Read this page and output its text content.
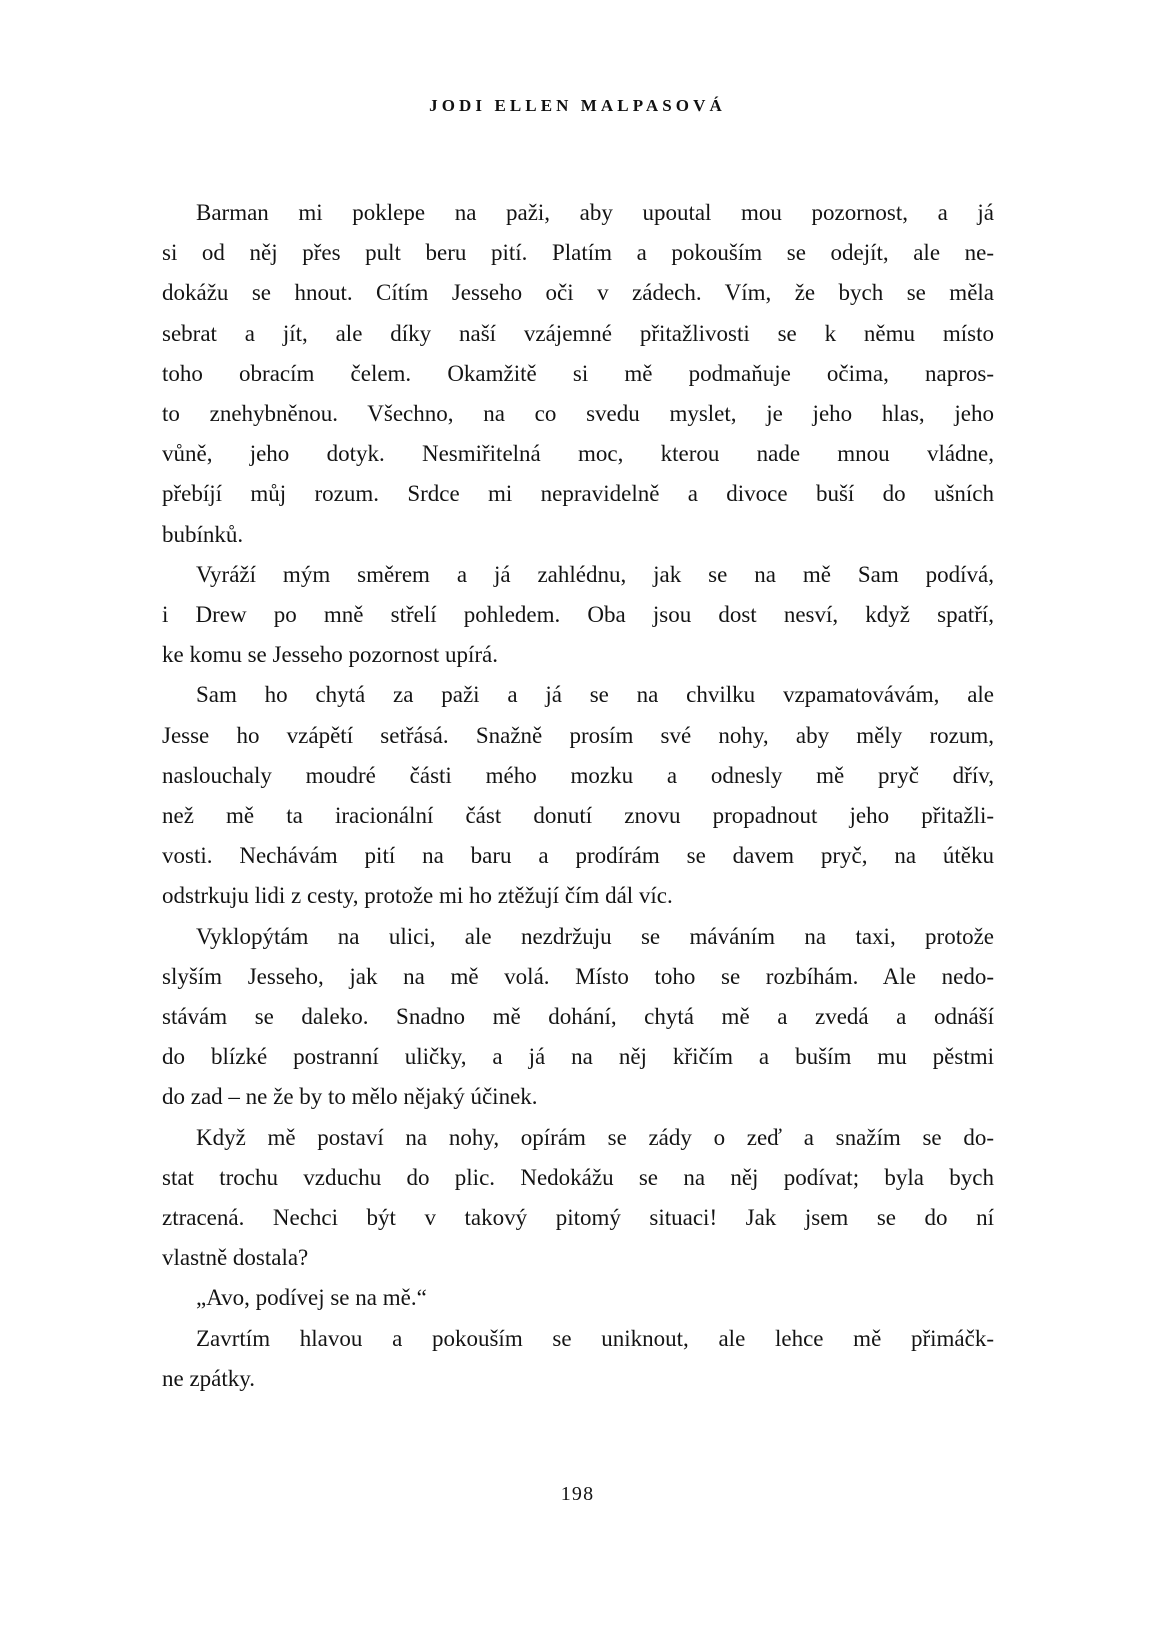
JODI ELLEN MALPASOVÁ
Barman mi poklepe na paži, aby upoutal mou pozornost, a já
si od něj přes pult beru pití. Platím a pokouším se odejít, ale ne-
dokážu se hnout. Cítím Jesseho oči v zádech. Vím, že bych se měla
sebrat a jít, ale díky naší vzájemné přitažlivosti se k němu místo
toho obracím čelem. Okamžitě si mě podmaňuje očima, napros-
to znehybněnou. Všechno, na co svedu myslet, je jeho hlas, jeho
vůně, jeho dotyk. Nesmiřitelná moc, kterou nade mnou vládne,
přebíjí můj rozum. Srdce mi nepravidelně a divoce buší do ušních
bubínků.
Vyráží mým směrem a já zahlédnu, jak se na mě Sam podívá,
i Drew po mně střelí pohledem. Oba jsou dost nesví, když spatří,
ke komu se Jesseho pozornost upírá.
Sam ho chytá za paži a já se na chvilku vzpamatovávám, ale
Jesse ho vzápětí setřásá. Snažně prosím své nohy, aby měly rozum,
naslouchaly moudré části mého mozku a odnesly mě pryč dřív,
než mě ta iracionální část donutí znovu propadnout jeho přitažli-
vosti. Nechávám pití na baru a prodírám se davem pryč, na útěku
odstrkuju lidi z cesty, protože mi ho ztěžují čím dál víc.
Vyklopýtám na ulici, ale nezdržuju se máváním na taxi, protože
slyším Jesseho, jak na mě volá. Místo toho se rozbíhám. Ale nedo-
stávám se daleko. Snadno mě dohání, chytá mě a zvedá a odnáší
do blízké postranní uličky, a já na něj křičím a buším mu pěstmi
do zad – ne že by to mělo nějaký účinek.
Když mě postaví na nohy, opírám se zády o zeď a snažím se do-
stat trochu vzduchu do plic. Nedokážu se na něj podívat; byla bych
ztracená. Nechci být v takový pitomý situaci! Jak jsem se do ní
vlastně dostala?
„Avo, podívej se na mě.“
Zavrtím hlavou a pokouším se uniknout, ale lehce mě přimáčk-
ne zpátky.
198
